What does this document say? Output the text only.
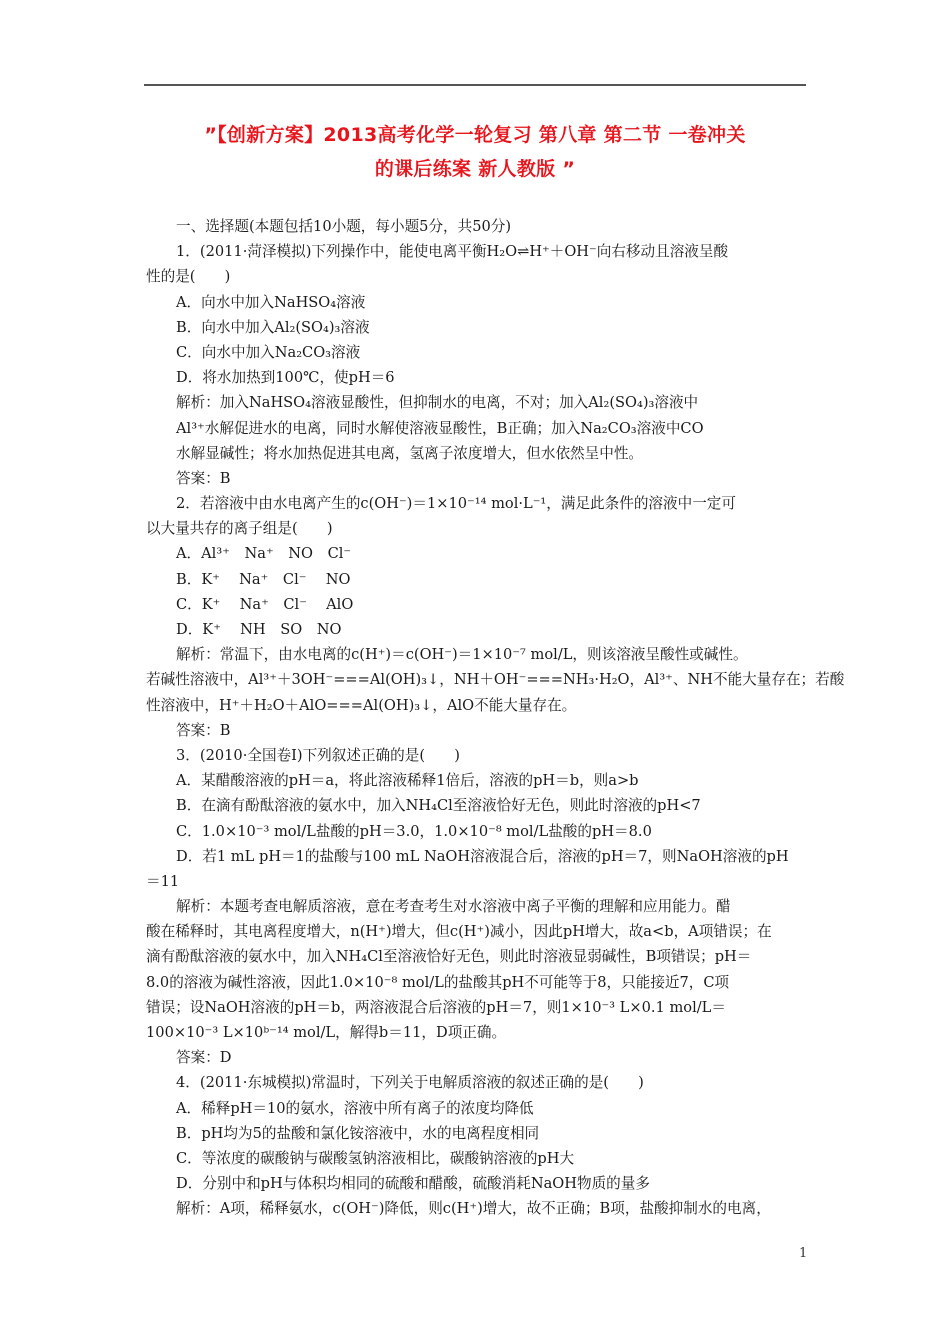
”【创新方案】2013高考化学一轮复习 第八章 第二节 一卷冲关
的课后练案 新人教版 ”
一、选择题(本题包括10小题，每小题5分，共50分)
1．(2011·菏泽模拟)下列操作中，能使电离平衡H₂O⇌H⁺＋OH⁻向右移动且溶液呈酸
性的是(　　)
A．向水中加入NaHSO₄溶液
B．向水中加入Al₂(SO₄)₃溶液
C．向水中加入Na₂CO₃溶液
D．将水加热到100℃，使pH＝6
解析：加入NaHSO₄溶液显酸性，但抑制水的电离，不对；加入Al₂(SO₄)₃溶液中
Al³⁺水解促进水的电离，同时水解使溶液显酸性，B正确；加入Na₂CO₃溶液中CO
水解显碱性；将水加热促进其电离，氢离子浓度增大，但水依然呈中性。
答案：B
2．若溶液中由水电离产生的c(OH⁻)＝1×10⁻¹⁴ mol·L⁻¹，满足此条件的溶液中一定可
以大量共存的离子组是(　　)
A．Al³⁺　Na⁺　NO　Cl⁻
B．K⁺　 Na⁺　Cl⁻　 NO
C．K⁺　 Na⁺　Cl⁻　 AlO
D．K⁺　 NH　SO　NO
解析：常温下，由水电离的c(H⁺)＝c(OH⁻)＝1×10⁻⁷ mol/L，则该溶液呈酸性或碱性。
若碱性溶液中，Al³⁺＋3OH⁻===Al(OH)₃↓，NH＋OH⁻===NH₃·H₂O，Al³⁺、NH不能大量存在；若酸
性溶液中，H⁺＋H₂O＋AlO===Al(OH)₃↓，AlO不能大量存在。
答案：B
3．(2010·全国卷Ⅰ)下列叙述正确的是(　　)
A．某醋酸溶液的pH＝a，将此溶液稀释1倍后，溶液的pH＝b，则a>b
B．在滴有酚酞溶液的氨水中，加入NH₄Cl至溶液恰好无色，则此时溶液的pH<7
C．1.0×10⁻³ mol/L盐酸的pH＝3.0，1.0×10⁻⁸ mol/L盐酸的pH＝8.0
D．若1 mL pH＝1的盐酸与100 mL NaOH溶液混合后，溶液的pH＝7，则NaOH溶液的pH
＝11
解析：本题考查电解质溶液，意在考查考生对水溶液中离子平衡的理解和应用能力。醋
酸在稀释时，其电离程度增大，n(H⁺)增大，但c(H⁺)减小，因此pH增大，故a<b，A项错误；在
滴有酚酞溶液的氨水中，加入NH₄Cl至溶液恰好无色，则此时溶液显弱碱性，B项错误；pH＝
8.0的溶液为碱性溶液，因此1.0×10⁻⁸ mol/L的盐酸其pH不可能等于8，只能接近7，C项
错误；设NaOH溶液的pH＝b，两溶液混合后溶液的pH＝7，则1×10⁻³ L×0.1 mol/L＝
100×10⁻³ L×10ᵇ⁻¹⁴ mol/L，解得b＝11，D项正确。
答案：D
4．(2011·东城模拟)常温时，下列关于电解质溶液的叙述正确的是(　　)
A．稀释pH＝10的氨水，溶液中所有离子的浓度均降低
B．pH均为5的盐酸和氯化铵溶液中，水的电离程度相同
C．等浓度的碳酸钠与碳酸氢钠溶液相比，碳酸钠溶液的pH大
D．分别中和pH与体积均相同的硫酸和醋酸，硫酸消耗NaOH物质的量多
解析：A项，稀释氨水，c(OH⁻)降低，则c(H⁺)增大，故不正确；B项，盐酸抑制水的电离，
1
